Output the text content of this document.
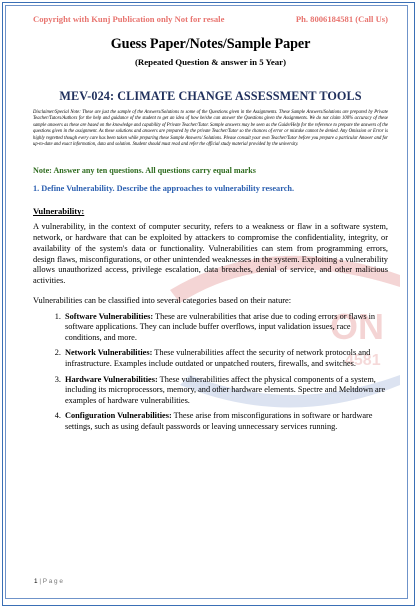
ON
4581
Copyright with Kunj Publication only Not for resale	Ph. 8006184581 (Call Us)
Guess Paper/Notes/Sample Paper
(Repeated Question & answer in 5 Year)
MEV-024: CLIMATE CHANGE ASSESSMENT TOOLS
Disclaimer/Special Note: These are just the sample of the Answers/Solutions to some of the Questions given in the Assignments. These Sample Answers/Solutions are prepared by Private Teacher/Tutors/Authors for the help and guidance of the student to get an idea of how he/she can answer the Questions given the Assignments. We do not claim 100% accuracy of these sample answers as these are based on the knowledge and capability of Private Teacher/Tutor. Sample answers may be seen as the Guide/Help for the reference to prepare the answers of the questions given in the assignment. As these solutions and answers are prepared by the private Teacher/Tutor so the chances of error or mistake cannot be denied. Any Omission or Error is highly regretted though every care has been taken while preparing these Sample Answers/ Solutions. Please consult your own Teacher/Tutor before you prepare a particular Answer and for up-to-date and exact information, data and solution. Student should must read and refer the official study material provided by the university.
Note: Answer any ten questions. All questions carry equal marks
1. Define Vulnerability. Describe the approaches to vulnerability research.
Vulnerability:
A vulnerability, in the context of computer security, refers to a weakness or flaw in a software system, network, or hardware that can be exploited by attackers to compromise the confidentiality, integrity, or availability of the system's data or functionality. Vulnerabilities can stem from programming errors, design flaws, misconfigurations, or other unintended weaknesses in the system. Exploiting a vulnerability allows unauthorized access, privilege escalation, data breaches, denial of service, and other malicious activities.
Vulnerabilities can be classified into several categories based on their nature:
1. Software Vulnerabilities: These are vulnerabilities that arise due to coding errors or flaws in software applications. They can include buffer overflows, input validation issues, race conditions, and more.
2. Network Vulnerabilities: These vulnerabilities affect the security of network protocols and infrastructure. Examples include outdated or unpatched routers, firewalls, and switches.
3. Hardware Vulnerabilities: These vulnerabilities affect the physical components of a system, including its microprocessors, memory, and other hardware elements. Spectre and Meltdown are examples of hardware vulnerabilities.
4. Configuration Vulnerabilities: These arise from misconfigurations in software or hardware settings, such as using default passwords or leaving unnecessary services running.
1 | P a g e
